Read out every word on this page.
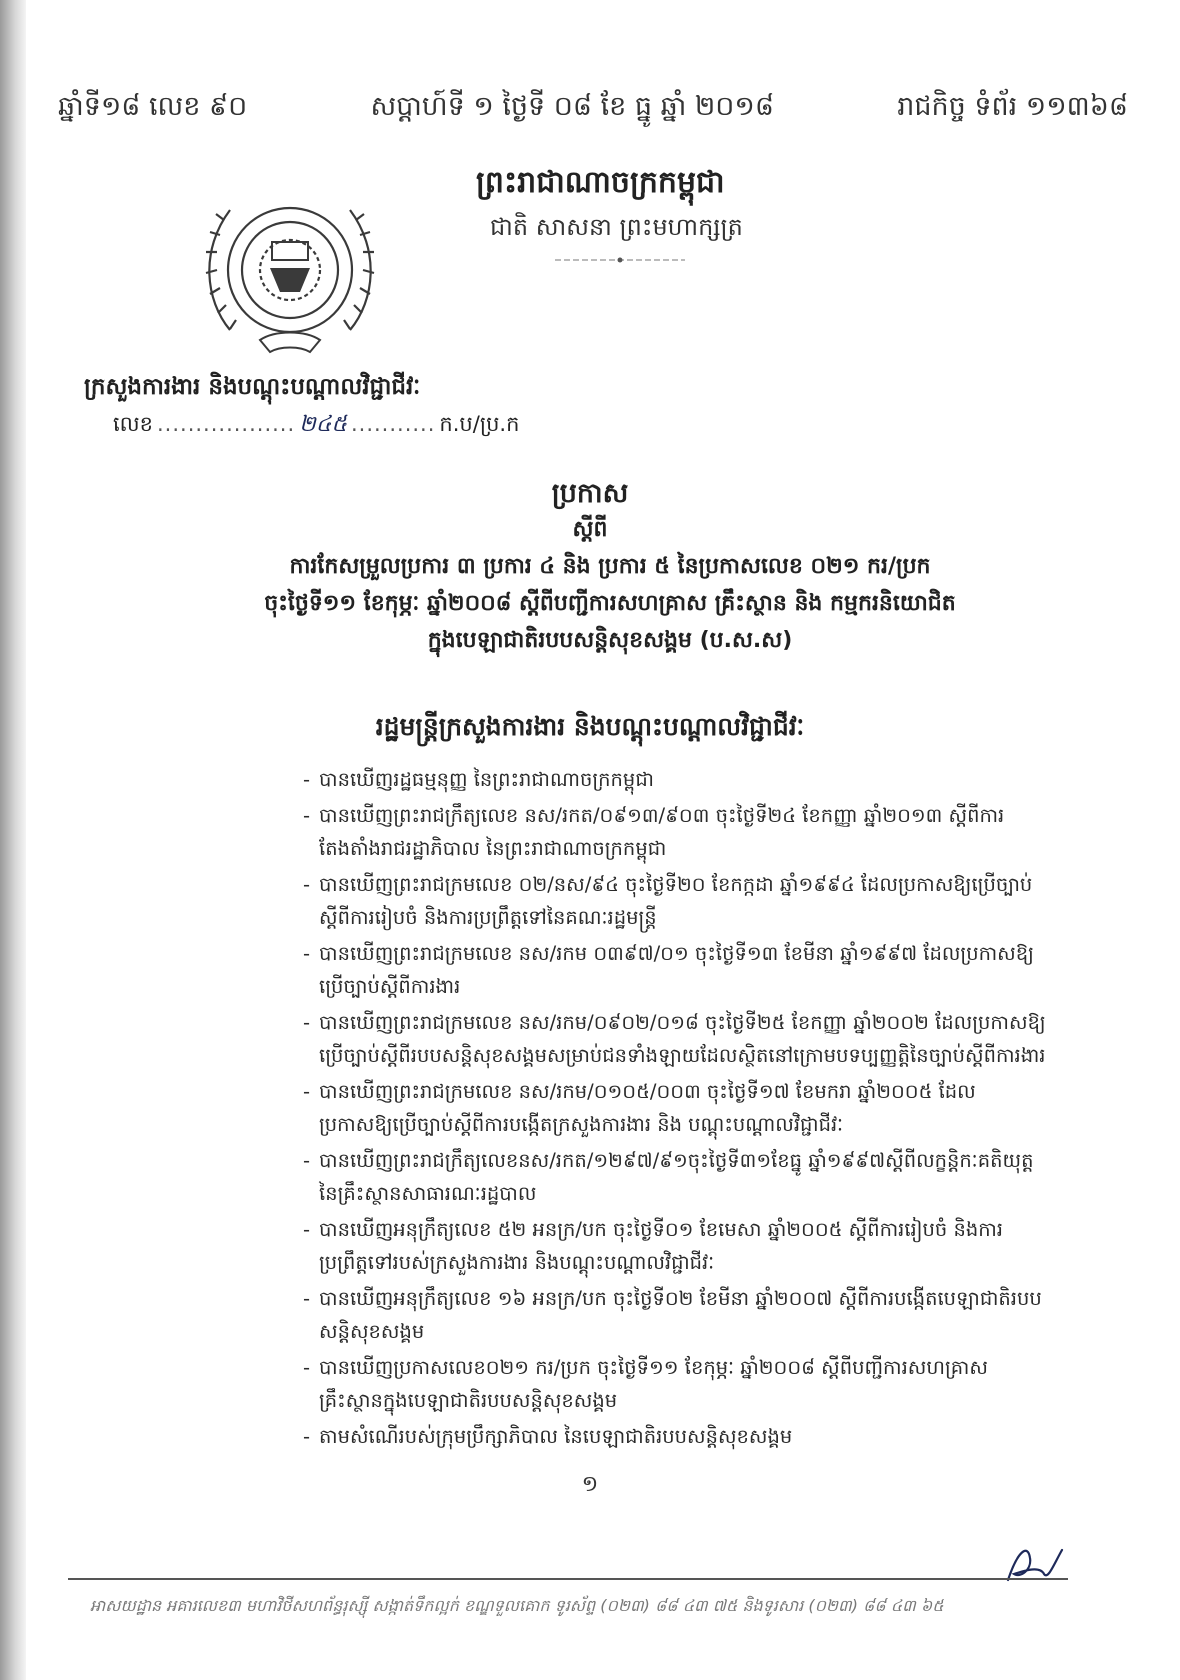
ឆ្នាំទី១៨ លេខ ៩០	សប្តាហ៍ទី ១ ថ្ងៃទី ០៨ ខែ ធ្នូ ឆ្នាំ ២០១៨	រាជកិច្ច ទំព័រ ១១៣៦៨
ព្រះរាជាណាចក្រកម្ពុជា
ជាតិ សាសនា ព្រះមហាក្សត្រ
ក្រសួងការងារ និងបណ្តុះបណ្តាលវិជ្ជាជីវៈ
លេខ .................. ២៤៥ ........... ក.ប/ប្រ.ក
ប្រកាស
ស្តីពី
ការកែសម្រួលប្រការ ៣ ប្រការ ៤ និង ប្រការ ៥ នៃប្រកាសលេខ ០២១ ករ/ប្រក
ចុះថ្ងៃទី១១ ខែកុម្ភៈ ឆ្នាំ២០០៨ ស្តីពីបញ្ជីការសហគ្រាស គ្រឹះស្ថាន និង កម្មករនិយោជិត
ក្នុងបេឡាជាតិរបបសន្តិសុខសង្គម (ប.ស.ស)
រដ្ឋមន្ត្រីក្រសួងការងារ និងបណ្តុះបណ្តាលវិជ្ជាជីវៈ
- បានឃើញរដ្ឋធម្មនុញ្ញ នៃព្រះរាជាណាចក្រកម្ពុជា
- បានឃើញព្រះរាជក្រឹត្យលេខ នស/រកត/០៩១៣/៩០៣ ចុះថ្ងៃទី២៤ ខែកញ្ញា ឆ្នាំ២០១៣ ស្តីពីការតែងតាំងរាជរដ្ឋាភិបាល នៃព្រះរាជាណាចក្រកម្ពុជា
- បានឃើញព្រះរាជក្រមលេខ ០២/នស/៩៤ ចុះថ្ងៃទី២០ ខែកក្កដា ឆ្នាំ១៩៩៤ ដែលប្រកាសឱ្យប្រើច្បាប់ស្តីពីការរៀបចំ និងការប្រព្រឹត្តទៅនៃគណៈរដ្ឋមន្ត្រី
- បានឃើញព្រះរាជក្រមលេខ នស/រកម ០៣៩៧/០១ ចុះថ្ងៃទី១៣ ខែមីនា ឆ្នាំ១៩៩៧ ដែលប្រកាសឱ្យប្រើច្បាប់ស្តីពីការងារ
- បានឃើញព្រះរាជក្រមលេខ នស/រកម/០៩០២/០១៨ ចុះថ្ងៃទី២៥ ខែកញ្ញា ឆ្នាំ២០០២ ដែលប្រកាសឱ្យប្រើច្បាប់ស្តីពីរបបសន្តិសុខសង្គមសម្រាប់ជនទាំងឡាយដែលស្ថិតនៅក្រោមបទប្បញ្ញត្តិនៃច្បាប់ស្តីពីការងារ
- បានឃើញព្រះរាជក្រមលេខ នស/រកម/០១០៥/០០៣ ចុះថ្ងៃទី១៧ ខែមករា ឆ្នាំ២០០៥ ដែលប្រកាសឱ្យប្រើច្បាប់ស្តីពីការបង្កើតក្រសួងការងារ និង បណ្តុះបណ្តាលវិជ្ជាជីវៈ
- បានឃើញព្រះរាជក្រឹត្យលេខនស/រកត/១២៩៧/៩១ចុះថ្ងៃទី៣១ខែធ្នូ ឆ្នាំ១៩៩៧ស្តីពីលក្ខន្តិកៈគតិយុត្តនៃគ្រឹះស្ថានសាធារណៈរដ្ឋបាល
- បានឃើញអនុក្រឹត្យលេខ ៥២ អនក្រ/បក ចុះថ្ងៃទី០១ ខែមេសា ឆ្នាំ២០០៥ ស្តីពីការរៀបចំ និងការប្រព្រឹត្តទៅរបស់ក្រសួងការងារ និងបណ្តុះបណ្តាលវិជ្ជាជីវៈ
- បានឃើញអនុក្រឹត្យលេខ ១៦ អនក្រ/បក ចុះថ្ងៃទី០២ ខែមីនា ឆ្នាំ២០០៧ ស្តីពីការបង្កើតបេឡាជាតិរបបសន្តិសុខសង្គម
- បានឃើញប្រកាសលេខ០២១ ករ/ប្រក ចុះថ្ងៃទី១១ ខែកុម្ភៈ ឆ្នាំ២០០៨ ស្តីពីបញ្ជីការសហគ្រាស គ្រឹះស្ថានក្នុងបេឡាជាតិរបបសន្តិសុខសង្គម
- តាមសំណើរបស់ក្រុមប្រឹក្សាភិបាល នៃបេឡាជាតិរបបសន្តិសុខសង្គម
១
អាសយដ្ឋាន អគារលេខ៣ មហាវិថីសហព័ន្ធរុស្ស៊ី សង្កាត់ទឹកល្អក់ ខណ្ឌទួលគោក ទូរស័ព្ទ (០២៣) ៨៨ ៤៣ ៧៥ និងទូរសារ (០២៣) ៨៨ ៤៣ ៦៥
